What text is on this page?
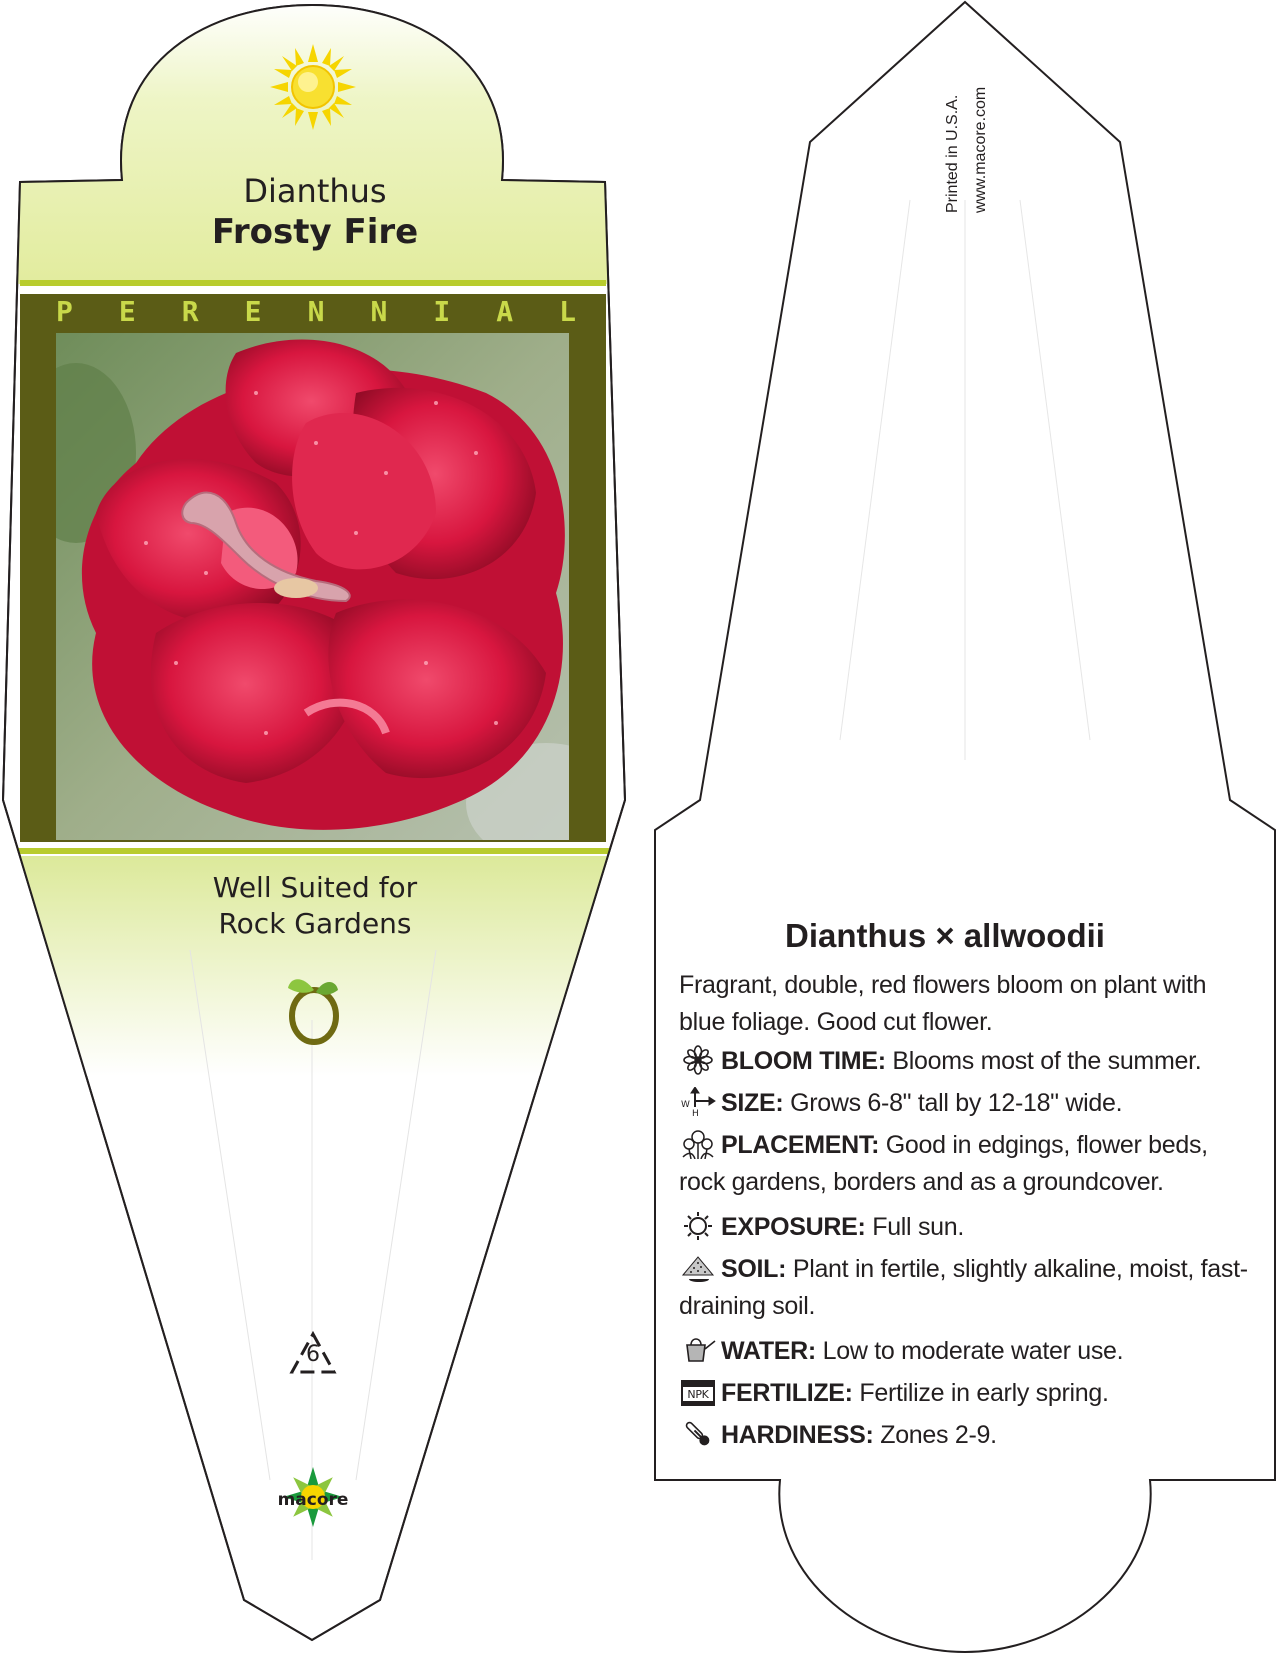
Dianthus
Frosty Fire
P E R E N N I A L
Well Suited for
Rock Gardens
6
macore
Printed in U.S.A. www.macore.com
Dianthus × allwoodii
Fragrant, double, red flowers bloom on plant with blue foliage. Good cut flower.
BLOOM TIME: Blooms most of the summer.
W
H SIZE: Grows 6-8" tall by 12-18" wide.
PLACEMENT: Good in edgings, flower beds, rock gardens, borders and as a groundcover.
EXPOSURE: Full sun.
SOIL: Plant in fertile, slightly alkaline, moist, fast-draining soil.
WATER: Low to moderate water use.
NPK FERTILIZE: Fertilize in early spring.
HARDINESS: Zones 2-9.
